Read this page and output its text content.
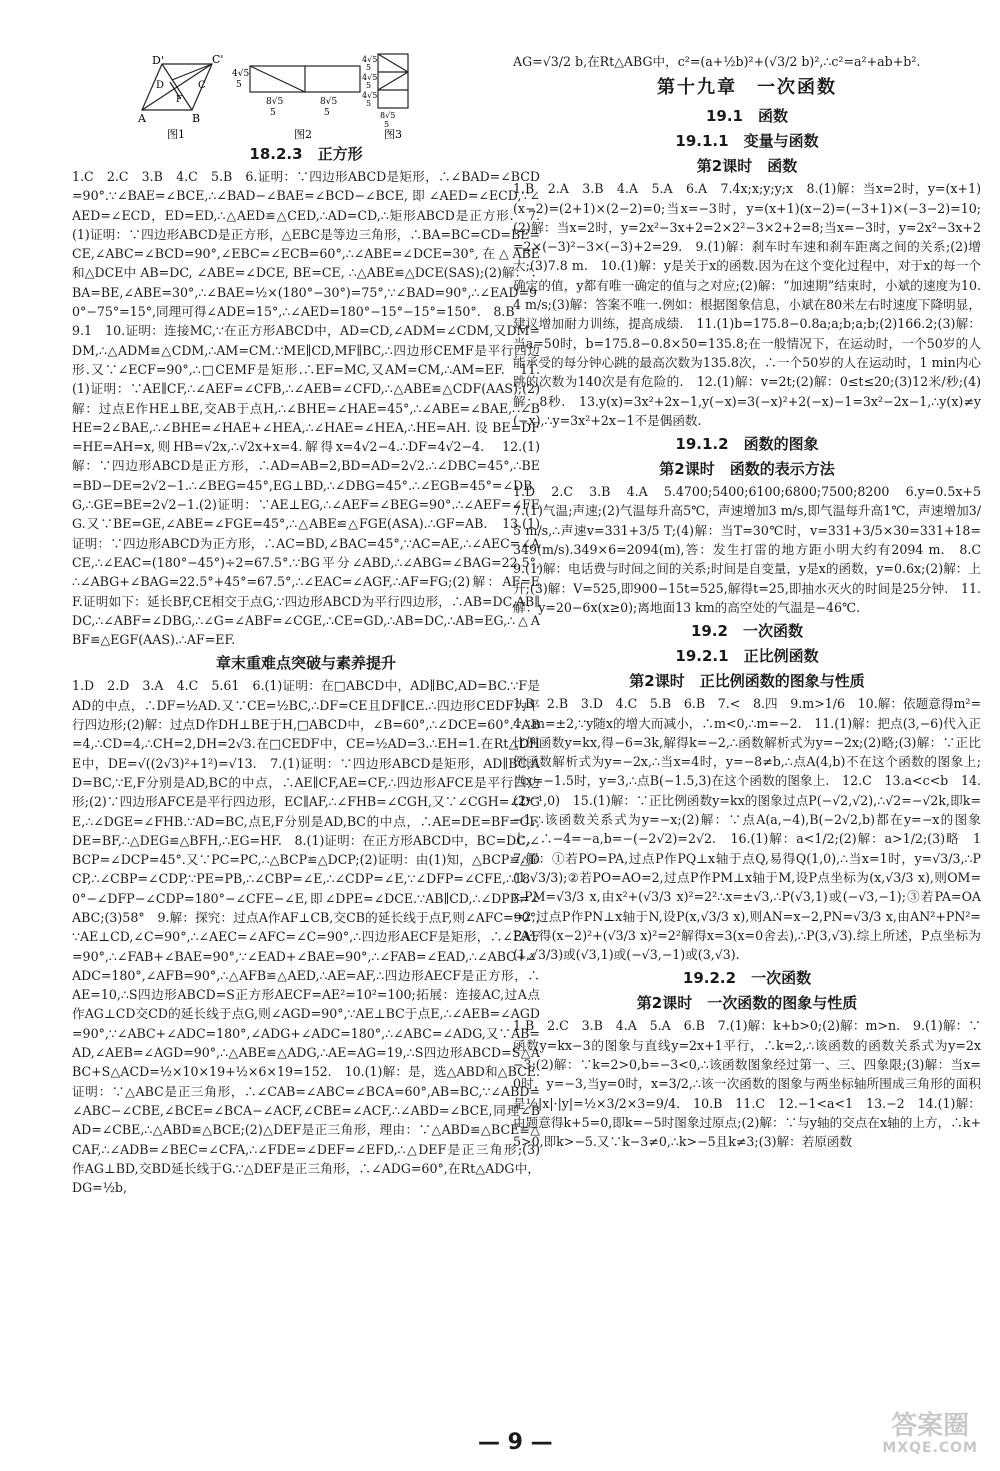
D'	C'
D	C
A	B
F
图1
4√5
5
8√5
5
8√5
5
图2
4√5
5
4√5
5
4√5
5
8√5
5
图3
18.2.3　正方形

1.C　2.C　3.B　4.C　5.B　6.证明：∵四边形ABCD是矩形，∴∠BAD=∠BCD=90°.∵∠BAE=∠BCE,∴∠BAD−∠BAE=∠BCD−∠BCE,即∠AED=∠ECD,∵∠AED=∠ECD，ED=ED,∴△AED≌△CED,∴AD=CD,∴矩形ABCD是正方形.　7.(1)证明：∵四边形ABCD是正方形，△EBC是等边三角形，∴BA=BC=CD=BE=CE,∠ABC=∠BCD=90°,∠EBC=∠ECB=60°,∴∠ABE=∠DCE=30°,在△ABE和△DCE中 AB=DC, ∠ABE=∠DCE, BE=CE, ∴△ABE≌△DCE(SAS);(2)解：∵BA=BE,∠ABE=30°,∴∠BAE=½×(180°−30°)=75°,∵∠BAD=90°,∴∠EAD=90°−75°=15°,同理可得∠ADE=15°,∴∠AED=180°−15°−15°=150°.　8.B

9.1　10.证明：连接MC,∵在正方形ABCD中，AD=CD,∠ADM=∠CDM,又DM=DM,∴△ADM≌△CDM,∴AM=CM.∵ME∥CD,MF∥BC,∴四边形CEMF是平行四边形.又∵∠ECF=90°,∴□CEMF是矩形.∴EF=MC,又AM=CM,∴AM=EF.　11.(1)证明：∵AE∥CF,∴∠AEF=∠CFB,∴∠AEB=∠CFD,∴△ABE≌△CDF(AAS);(2)解：过点E作HE⊥BE,交AB于点H,∴∠BHE=∠HAE=45°,∴∠ABE=∠BAE,∴∠BHE=2∠BAE,∴∠BHE=∠HAE+∠HEA,∴∠HAE=∠HEA,∴HE=AH.设BE=DF=HE=AH=x,则HB=√2x,∴√2x+x=4.解得x=4√2−4.∴DF=4√2−4.　12.(1)解：∵四边形ABCD是正方形，∴AD=AB=2,BD=AD=2√2.∴∠DBC=45°,∴BE=BD−DE=2√2−1.∴∠BEG=45°,EG⊥BD,∴∠DBG=45°.∴∠EGB=45°=∠DBG,∴GE=BE=2√2−1.(2)证明：∵AE⊥EG,∴∠AEF=∠BEG=90°.∴∠AEF=∠FEG.又∵BE=GE,∠ABE=∠FGE=45°,∴△ABE≌△FGE(ASA).∴GF=AB.　13.(1)证明：∵四边形ABCD为正方形，∴AC=BD,∠BAC=45°,∵AC=AE,∴∠AEC=∠ACE,∴∠EAC=(180°−45°)÷2=67.5°.∵BG平分∠ABD,∴∠ABG=∠BAG=22.5°,∴∠ABG+∠BAG=22.5°+45°=67.5°,∴∠EAC=∠AGF,∴AF=FG;(2)解：AF=EF.证明如下：延长BF,CE相交于点G,∵四边形ABCD为平行四边形，∴AB=DC,AB∥DC,∴∠ABF=∠DBG,∴∠G=∠ABF=∠CGE,∴CE=GD,∴AB=DC,∴AB=EG,∴△ABF≌△EGF(AAS).∴AF=EF.

章末重难点突破与素养提升

1.D　2.D　3.A　4.C　5.61　6.(1)证明：在□ABCD中，AD∥BC,AD=BC.∵F是AD的中点，∴DF=½AD.又∵CE=½BC,∴DF=CE且DF∥CE.∴四边形CEDF为平行四边形;(2)解：过点D作DH⊥BE于H,□ABCD中，∠B=60°,∴∠DCE=60°.∵AB=4,∴CD=4,∴CH=2,DH=2√3.在□CEDF中，CE=½AD=3.∴EH=1.在Rt△DHE中，DE=√((2√3)²+1²)=√13.　7.(1)证明：∵四边形ABCD是矩形，AD∥BC,AD=BC,∵E,F分别是AD,BC的中点，∴AE∥CF,AE=CF,∴四边形AFCE是平行四边形;(2)∵四边形AFCE是平行四边形，EC∥AF,∴∠FHB=∠CGH,又∵∠CGH=∠DGE,∴∠DGE=∠FHB.∵AD=BC,点E,F分别是AD,BC的中点，∴AE=DE=BF=CF,DE=BF,∴△DEG≌△BFH,∴EG=HF.　8.(1)证明：在正方形ABCD中，BC=DC,∠BCP=∠DCP=45°.又∵PC=PC,∴△BCP≌△DCP;(2)证明：由(1)知，△BCP≌△DCP,∴∠CBP=∠CDP,∵PE=PB,∴∠CBP=∠E,∴∠CDP=∠E,∵∠DFP=∠CFE,∴180°−∠DFP−∠CDP=180°−∠CFE−∠E,即∠DPE=∠DCE.∵AB∥CD,∴∠DPE=∠ABC;(3)58°　9.解：探究：过点A作AF⊥CB,交CB的延长线于点F,则∠AFC=90°,∵AE⊥CD,∠C=90°,∴∠AEC=∠AFC=∠C=90°,∴四边形AECF是矩形，∴∠EAF=90°,∴∠FAB+∠BAE=90°,∵∠EAD+∠BAE=90°,∴∠FAB=∠EAD,∴∠ABC+∠ADC=180°,∠AFB=90°,∴△AFB≌△AED,∴AE=AF,∴四边形AECF是正方形，∴AE=10,∴S四边形ABCD=S正方形AECF=AE²=10²=100;拓展：连接AC,过A点作AG⊥CD交CD的延长线于点G,则∠AGD=90°,∵AE⊥BC于点E,∴∠AEB=∠AGD=90°,∵∠ABC+∠ADC=180°,∠ADG+∠ADC=180°,∴∠ABC=∠ADG,又∵AB=AD,∠AEB=∠AGD=90°,∴△ABE≌△ADG,∴AE=AG=19,∴S四边形ABCD=S△ABC+S△ACD=½×10×19+½×6×19=152.　10.(1)解：是，选△ABD和△BCE.证明：∵△ABC是正三角形，∴∠CAB=∠ABC=∠BCA=60°,AB=BC,∵∠ABD=∠ABC−∠CBE,∠BCE=∠BCA−∠ACF,∠CBE=∠ACF,∴∠ABD=∠BCE,同理∠BAD=∠CBE,∴△ABD≌△BCE;(2)△DEF是正三角形，理由：∵△ABD≌△BCE≌△CAF,∴∠ADB=∠BEC=∠CFA,∴∠FDE=∠DEF=∠EFD,∴△DEF是正三角形;(3)作AG⊥BD,交BD延长线于G.∵△DEF是正三角形，∴∠ADG=60°,在Rt△ADG中，DG=½b,

AG=√3/2 b,在Rt△ABG中，c²=(a+½b)²+(√3/2 b)²,∴c²=a²+ab+b².

第十九章　一次函数
19.1　函数
19.1.1　变量与函数
第2课时　函数

1.B　2.A　3.B　4.A　5.A　6.A　7.4x;x;y;y;x　8.(1)解：当x=2时，y=(x+1)(x−2)=(2+1)×(2−2)=0;当x=−3时，y=(x+1)(x−2)=(−3+1)×(−3−2)=10;(2)解：当x=2时，y=2x²−3x+2=2×2²−3×2+2=8;当x=−3时，y=2x²−3x+2=2×(−3)²−3×(−3)+2=29.　9.(1)解：刹车时车速和刹车距离之间的关系;(2)增大;(3)7.8 m.　10.(1)解：y是关于x的函数.因为在这个变化过程中，对于x的每一个确定的值，y都有唯一确定的值与之对应;(2)解：“加速期”结束时，小斌的速度为10.4 m/s;(3)解：答案不唯一.例如：根据图象信息，小斌在80米左右时速度下降明显，建议增加耐力训练，提高成绩.　11.(1)b=175.8−0.8a;a;b;a;b;(2)166.2;(3)解：当a=50时，b=175.8−0.8×50=135.8;在一般情况下，在运动时，一个50岁的人能承受的每分钟心跳的最高次数为135.8次，∴一个50岁的人在运动时，1 min内心跳的次数为140次是有危险的.　12.(1)解：v=2t;(2)解：0≤t≤20;(3)12米/秒;(4)解：8秒.　13.y(x)=3x²+2x−1,y(−x)=3(−x)²+2(−x)−1=3x²−2x−1,∴y(x)≠y(−x),∴y=3x²+2x−1不是偶函数.

19.1.2　函数的图象
第2课时　函数的表示方法

1.D　2.C　3.B　4.A　5.4700;5400;6100;6800;7500;8200　6.y=0.5x+5　7.(1)气温;声速;(2)气温每升高5℃，声速增加3 m/s,即气温每升高1℃，声速增加3/5 m/s,∴声速v=331+3/5 T;(4)解：当T=30℃时，v=331+3/5×30=331+18=349(m/s).349×6=2094(m),答：发生打雷的地方距小明大约有2094 m.　8.C　9.(1)解：电话费与时间之间的关系;时间是自变量，y是x的函数，y=0.6x;(2)解：上升;(3)解：V=525,即900−15t=525,解得t=25,即抽水灭火的时间是25分钟.　11.解：y=20−6x(x≥0);离地面13 km的高空处的气温是−46℃.

19.2　一次函数
19.2.1　正比例函数
第2课时　正比例函数的图象与性质

1.B　2.B　3.D　4.C　5.B　6.B　7.<　8.四　9.m>1/6　10.解：依题意得m²=4,∴m=±2,∵y随x的增大而减小，∴m<0,∴m=−2.　11.(1)解：把点(3,−6)代入正比例函数y=kx,得−6=3k,解得k=−2,∴函数解析式为y=−2x;(2)略;(3)解：∵正比例函数解析式为y=−2x,∴当x=4时，y=−8≠b,∴点A(4,b)不在这个函数的图象上;当x=−1.5时，y=3,∴点B(−1.5,3)在这个函数的图象上.　12.C　13.a<c<b　14.(2ⁿ⁻¹,0)　15.(1)解：∵正比例函数y=kx的图象过点P(−√2,√2),∴√2=−√2k,即k=−1,∴该函数关系式为y=−x;(2)解：∵点A(a,−4),B(−2√2,b)都在y=−x的图象上，∴−4=−a,b=−(−2√2)=2√2.　16.(1)解：a<1/2;(2)解：a>1/2;(3)略　17.解：①若PO=PA,过点P作PQ⊥x轴于点Q,易得Q(1,0),∴当x=1时，y=√3/3,∴P(1,√3/3);②若PO=AO=2,过点P作PM⊥x轴于M,设P点坐标为(x,√3/3 x),则OM=x,PM=√3/3 x,由x²+(√3/3 x)²=2²∴x=±√3,∴P(√3,1)或(−√3,−1);③若PA=OA=2,过点P作PN⊥x轴于N,设P(x,√3/3 x),则AN=x−2,PN=√3/3 x,由AN²+PN²=PA²,得(x−2)²+(√3/3 x)²=2²解得x=3(x=0舍去),∴P(3,√3).综上所述，P点坐标为(1,√3/3)或(√3,1)或(−√3,−1)或(3,√3).

19.2.2　一次函数
第2课时　一次函数的图象与性质

1.B　2.C　3.B　4.A　5.A　6.B　7.(1)解：k+b>0;(2)解：m>n.　9.(1)解：∵函数y=kx−3的图象与直线y=2x+1平行，∴k=2,∴该函数的函数关系式为y=2x−3;(2)解：∵k=2>0,b=−3<0,∴该函数图象经过第一、三、四象限;(3)解：当x=0时，y=−3,当y=0时，x=3/2,∴该一次函数的图象与两坐标轴所围成三角形的面积是½|x|·|y|=½×3/2×3=9/4.　10.B　11.C　12.−1<a<1　13.−2　14.(1)解：由题意得k+5=0,即k=−5时图象过原点;(2)解：∵与y轴的交点在x轴的上方，∴k+5>0,即k>−5.又∵k−3≠0,∴k>−5且k≠3;(3)解：若原函数

— 9 —
答案圈
MXQE.COM
